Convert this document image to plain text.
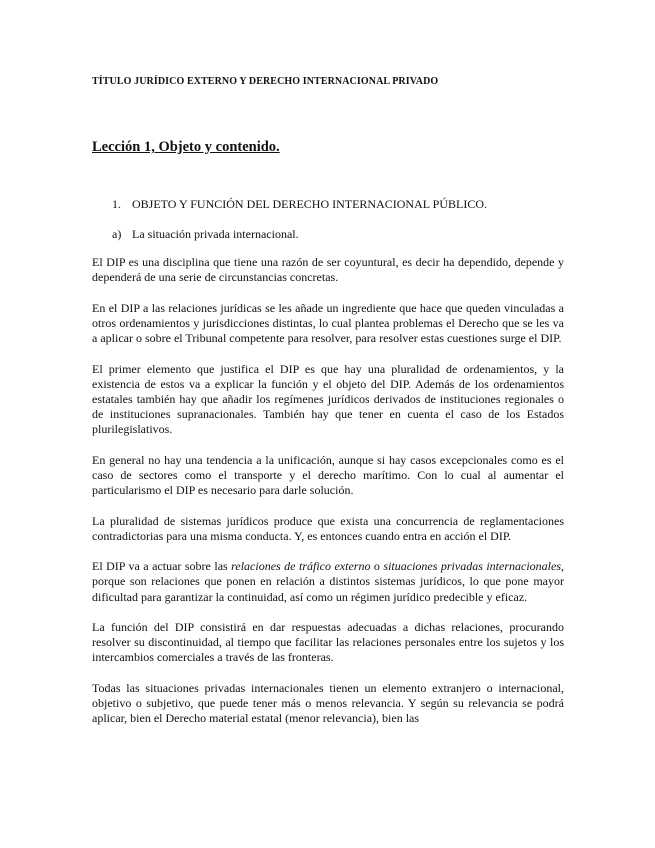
TÍTULO JURÍDICO EXTERNO Y DERECHO INTERNACIONAL PRIVADO
Lección 1, Objeto y contenido.
1. OBJETO Y FUNCIÓN DEL DERECHO INTERNACIONAL PÚBLICO.
a) La situación privada internacional.

El DIP es una disciplina que tiene una razón de ser coyuntural, es decir ha dependido, depende y dependerá de una serie de circunstancias concretas.

En el DIP a las relaciones jurídicas se les añade un ingrediente que hace que queden vinculadas a otros ordenamientos y jurisdicciones distintas, lo cual plantea problemas el Derecho que se les va a aplicar o sobre el Tribunal competente para resolver, para resolver estas cuestiones surge el DIP.

El primer elemento que justifica el DIP es que hay una pluralidad de ordenamientos, y la existencia de estos va a explicar la función y el objeto del DIP. Además de los ordenamientos estatales también hay que añadir los regímenes jurídicos derivados de instituciones regionales o de instituciones supranacionales. También hay que tener en cuenta el caso de los Estados plurilegislativos.

En general no hay una tendencia a la unificación, aunque si hay casos excepcionales como es el caso de sectores como el transporte y el derecho marítimo. Con lo cual al aumentar el particularismo el DIP es necesario para darle solución.

La pluralidad de sistemas jurídicos produce que exista una concurrencia de reglamentaciones contradictorias para una misma conducta. Y, es entonces cuando entra en acción el DIP.

El DIP va a actuar sobre las relaciones de tráfico externo o situaciones privadas internacionales, porque son relaciones que ponen en relación a distintos sistemas jurídicos, lo que pone mayor dificultad para garantizar la continuidad, así como un régimen jurídico predecible y eficaz.

La función del DIP consistirá en dar respuestas adecuadas a dichas relaciones, procurando resolver su discontinuidad, al tiempo que facilitar las relaciones personales entre los sujetos y los intercambios comerciales a través de las fronteras.

Todas las situaciones privadas internacionales tienen un elemento extranjero o internacional, objetivo o subjetivo, que puede tener más o menos relevancia. Y según su relevancia se podrá aplicar, bien el Derecho material estatal (menor relevancia), bien las
